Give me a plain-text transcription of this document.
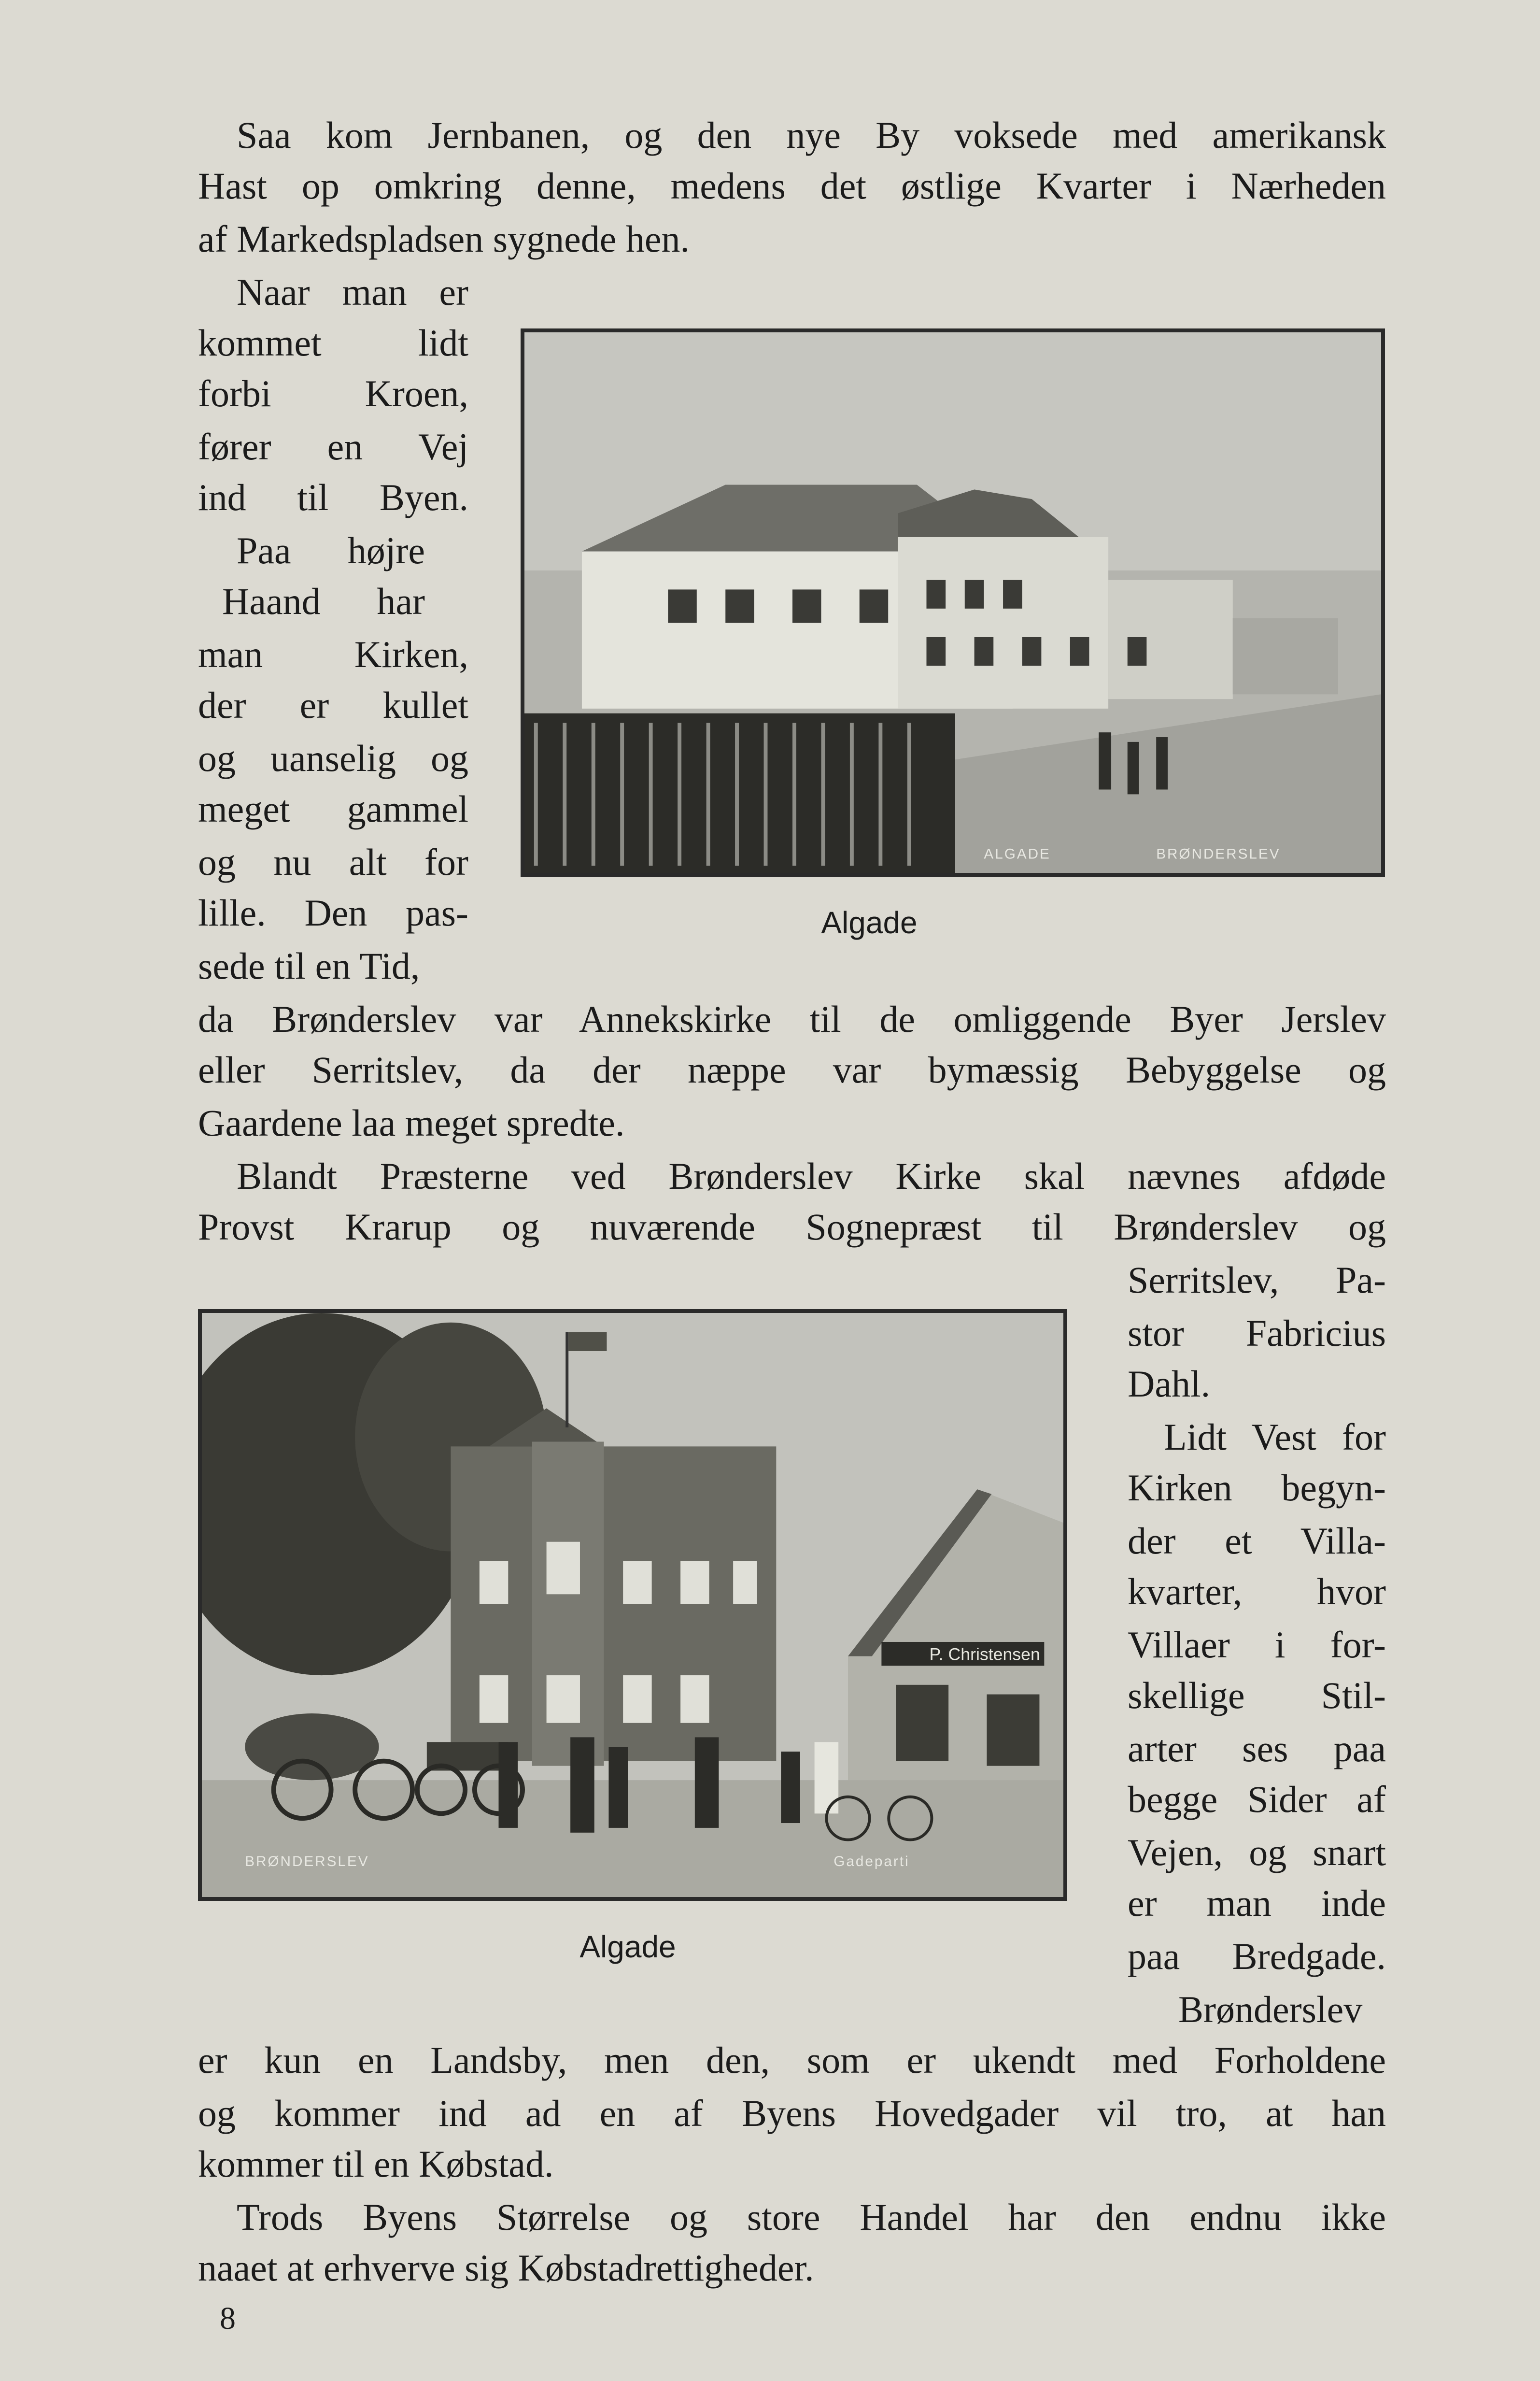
Saa kom Jernbanen, og den nye By voksede med amerikansk
Hast op omkring denne, medens det østlige Kvarter i Nærheden
af Markedspladsen sygnede hen.
Naar man er
kommet lidt
forbi Kroen,
fører en Vej
ind til Byen.
Paa højre
Haand har
man Kirken,
der er kullet
og uanselig og
meget gammel
og nu alt for
lille. Den pas-
sede til en Tid,
da Brønderslev var Annekskirke til de omliggende Byer Jerslev
eller Serritslev, da der næppe var bymæssig Bebyggelse og
Gaardene laa meget spredte.
Blandt Præsterne ved Brønderslev Kirke skal nævnes afdøde
Provst Krarup og nuværende Sognepræst til Brønderslev og
Serritslev, Pa-
stor Fabricius
Dahl.
Lidt Vest for
Kirken begyn-
der et Villa-
kvarter, hvor
Villaer i for-
skellige Stil-
arter ses paa
begge Sider af
Vejen, og snart
er man inde
paa Bredgade.
Brønderslev
er kun en Landsby, men den, som er ukendt med Forholdene
og kommer ind ad en af Byens Hovedgader vil tro, at han
kommer til en Købstad.
Trods Byens Størrelse og store Handel har den endnu ikke
naaet at erhverve sig Købstadrettigheder.
ALGADE	BRØNDERSLEV
Algade
P. Christensen
BRØNDERSLEV	Gadeparti
Algade
8
